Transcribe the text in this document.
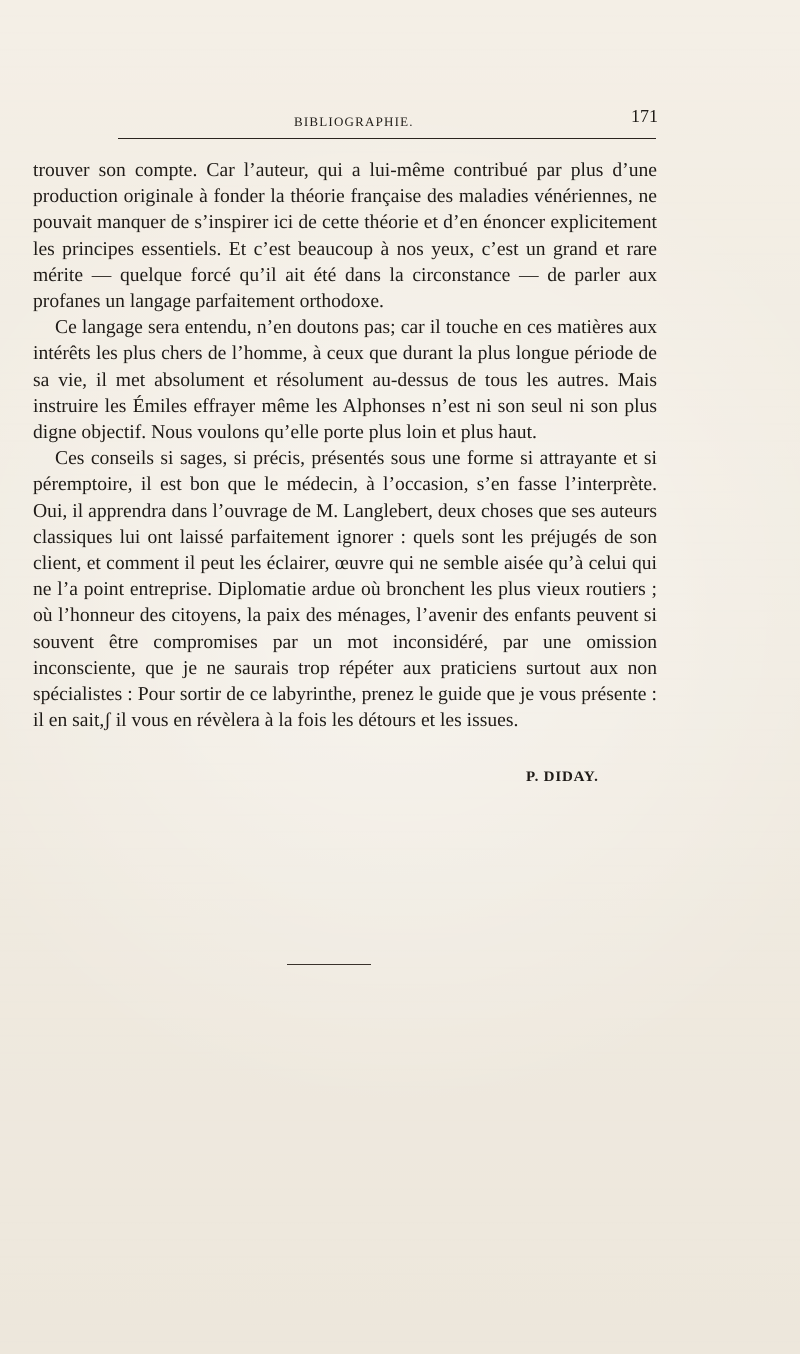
BIBLIOGRAPHIE.	171

trouver son compte. Car l’auteur, qui a lui-même contribué par plus d’une production originale à fonder la théorie française des maladies vénériennes, ne pouvait manquer de s’inspirer ici de cette théorie et d’en énoncer explicitement les principes essentiels. Et c’est beaucoup à nos yeux, c’est un grand et rare mérite — quelque forcé qu’il ait été dans la circonstance — de parler aux profanes un langage parfaitement orthodoxe.

Ce langage sera entendu, n’en doutons pas; car il touche en ces matières aux intérêts les plus chers de l’homme, à ceux que durant la plus longue période de sa vie, il met absolument et résolument au-dessus de tous les autres. Mais instruire les Émiles effrayer même les Alphonses n’est ni son seul ni son plus digne objectif. Nous voulons qu’elle porte plus loin et plus haut.

Ces conseils si sages, si précis, présentés sous une forme si attrayante et si péremptoire, il est bon que le médecin, à l’occasion, s’en fasse l’interprète. Oui, il apprendra dans l’ouvrage de M. Langlebert, deux choses que ses auteurs classiques lui ont laissé parfaitement ignorer : quels sont les préjugés de son client, et comment il peut les éclairer, œuvre qui ne semble aisée qu’à celui qui ne l’a point entreprise. Diplomatie ardue où bronchent les plus vieux routiers ; où l’honneur des citoyens, la paix des ménages, l’avenir des enfants peuvent si souvent être compromises par un mot inconsidéré, par une omission inconsciente, que je ne saurais trop répéter aux praticiens surtout aux non spécialistes : Pour sortir de ce labyrinthe, prenez le guide que je vous présente : il en sait,ʃ il vous en révèlera à la fois les détours et les issues.

P. DIDAY.
